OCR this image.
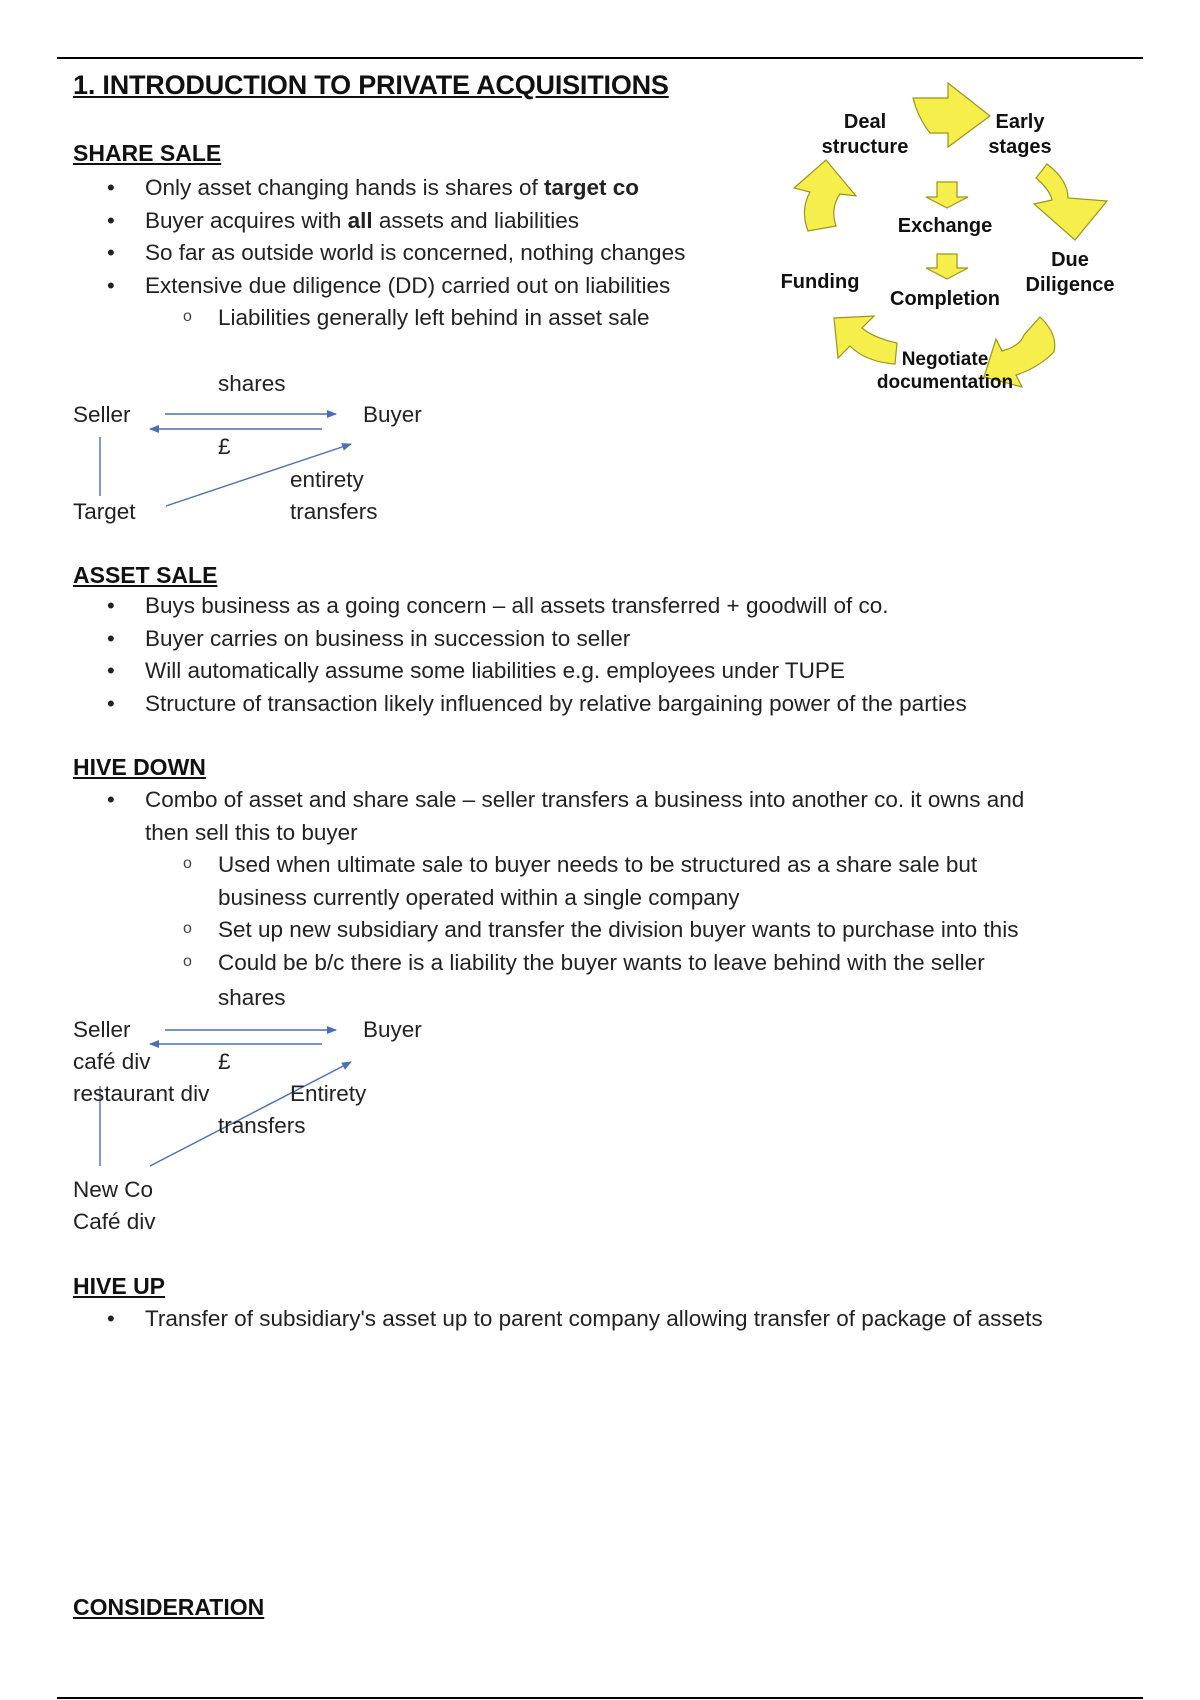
1. INTRODUCTION TO PRIVATE ACQUISITIONS
SHARE SALE
• Only asset changing hands is shares of target co
• Buyer acquires with all assets and liabilities
• So far as outside world is concerned, nothing changes
• Extensive due diligence (DD) carried out on liabilities
o Liabilities generally left behind in asset sale
Deal
structure
Early
stages
Exchange
Due
Diligence
Funding
Completion
Negotiate
documentation
shares
Seller	Buyer
£
entirety
Target	transfers
ASSET SALE
• Buys business as a going concern – all assets transferred + goodwill of co.
• Buyer carries on business in succession to seller
• Will automatically assume some liabilities e.g. employees under TUPE
• Structure of transaction likely influenced by relative bargaining power of the parties
HIVE DOWN
• Combo of asset and share sale – seller transfers a business into another co. it owns and
then sell this to buyer
o Used when ultimate sale to buyer needs to be structured as a share sale but
business currently operated within a single company
o Set up new subsidiary and transfer the division buyer wants to purchase into this
o Could be b/c there is a liability the buyer wants to leave behind with the seller
shares
Seller	Buyer
café div	£
restaurant div	Entirety
transfers
New Co
Café div
HIVE UP
• Transfer of subsidiary's asset up to parent company allowing transfer of package of assets
CONSIDERATION
